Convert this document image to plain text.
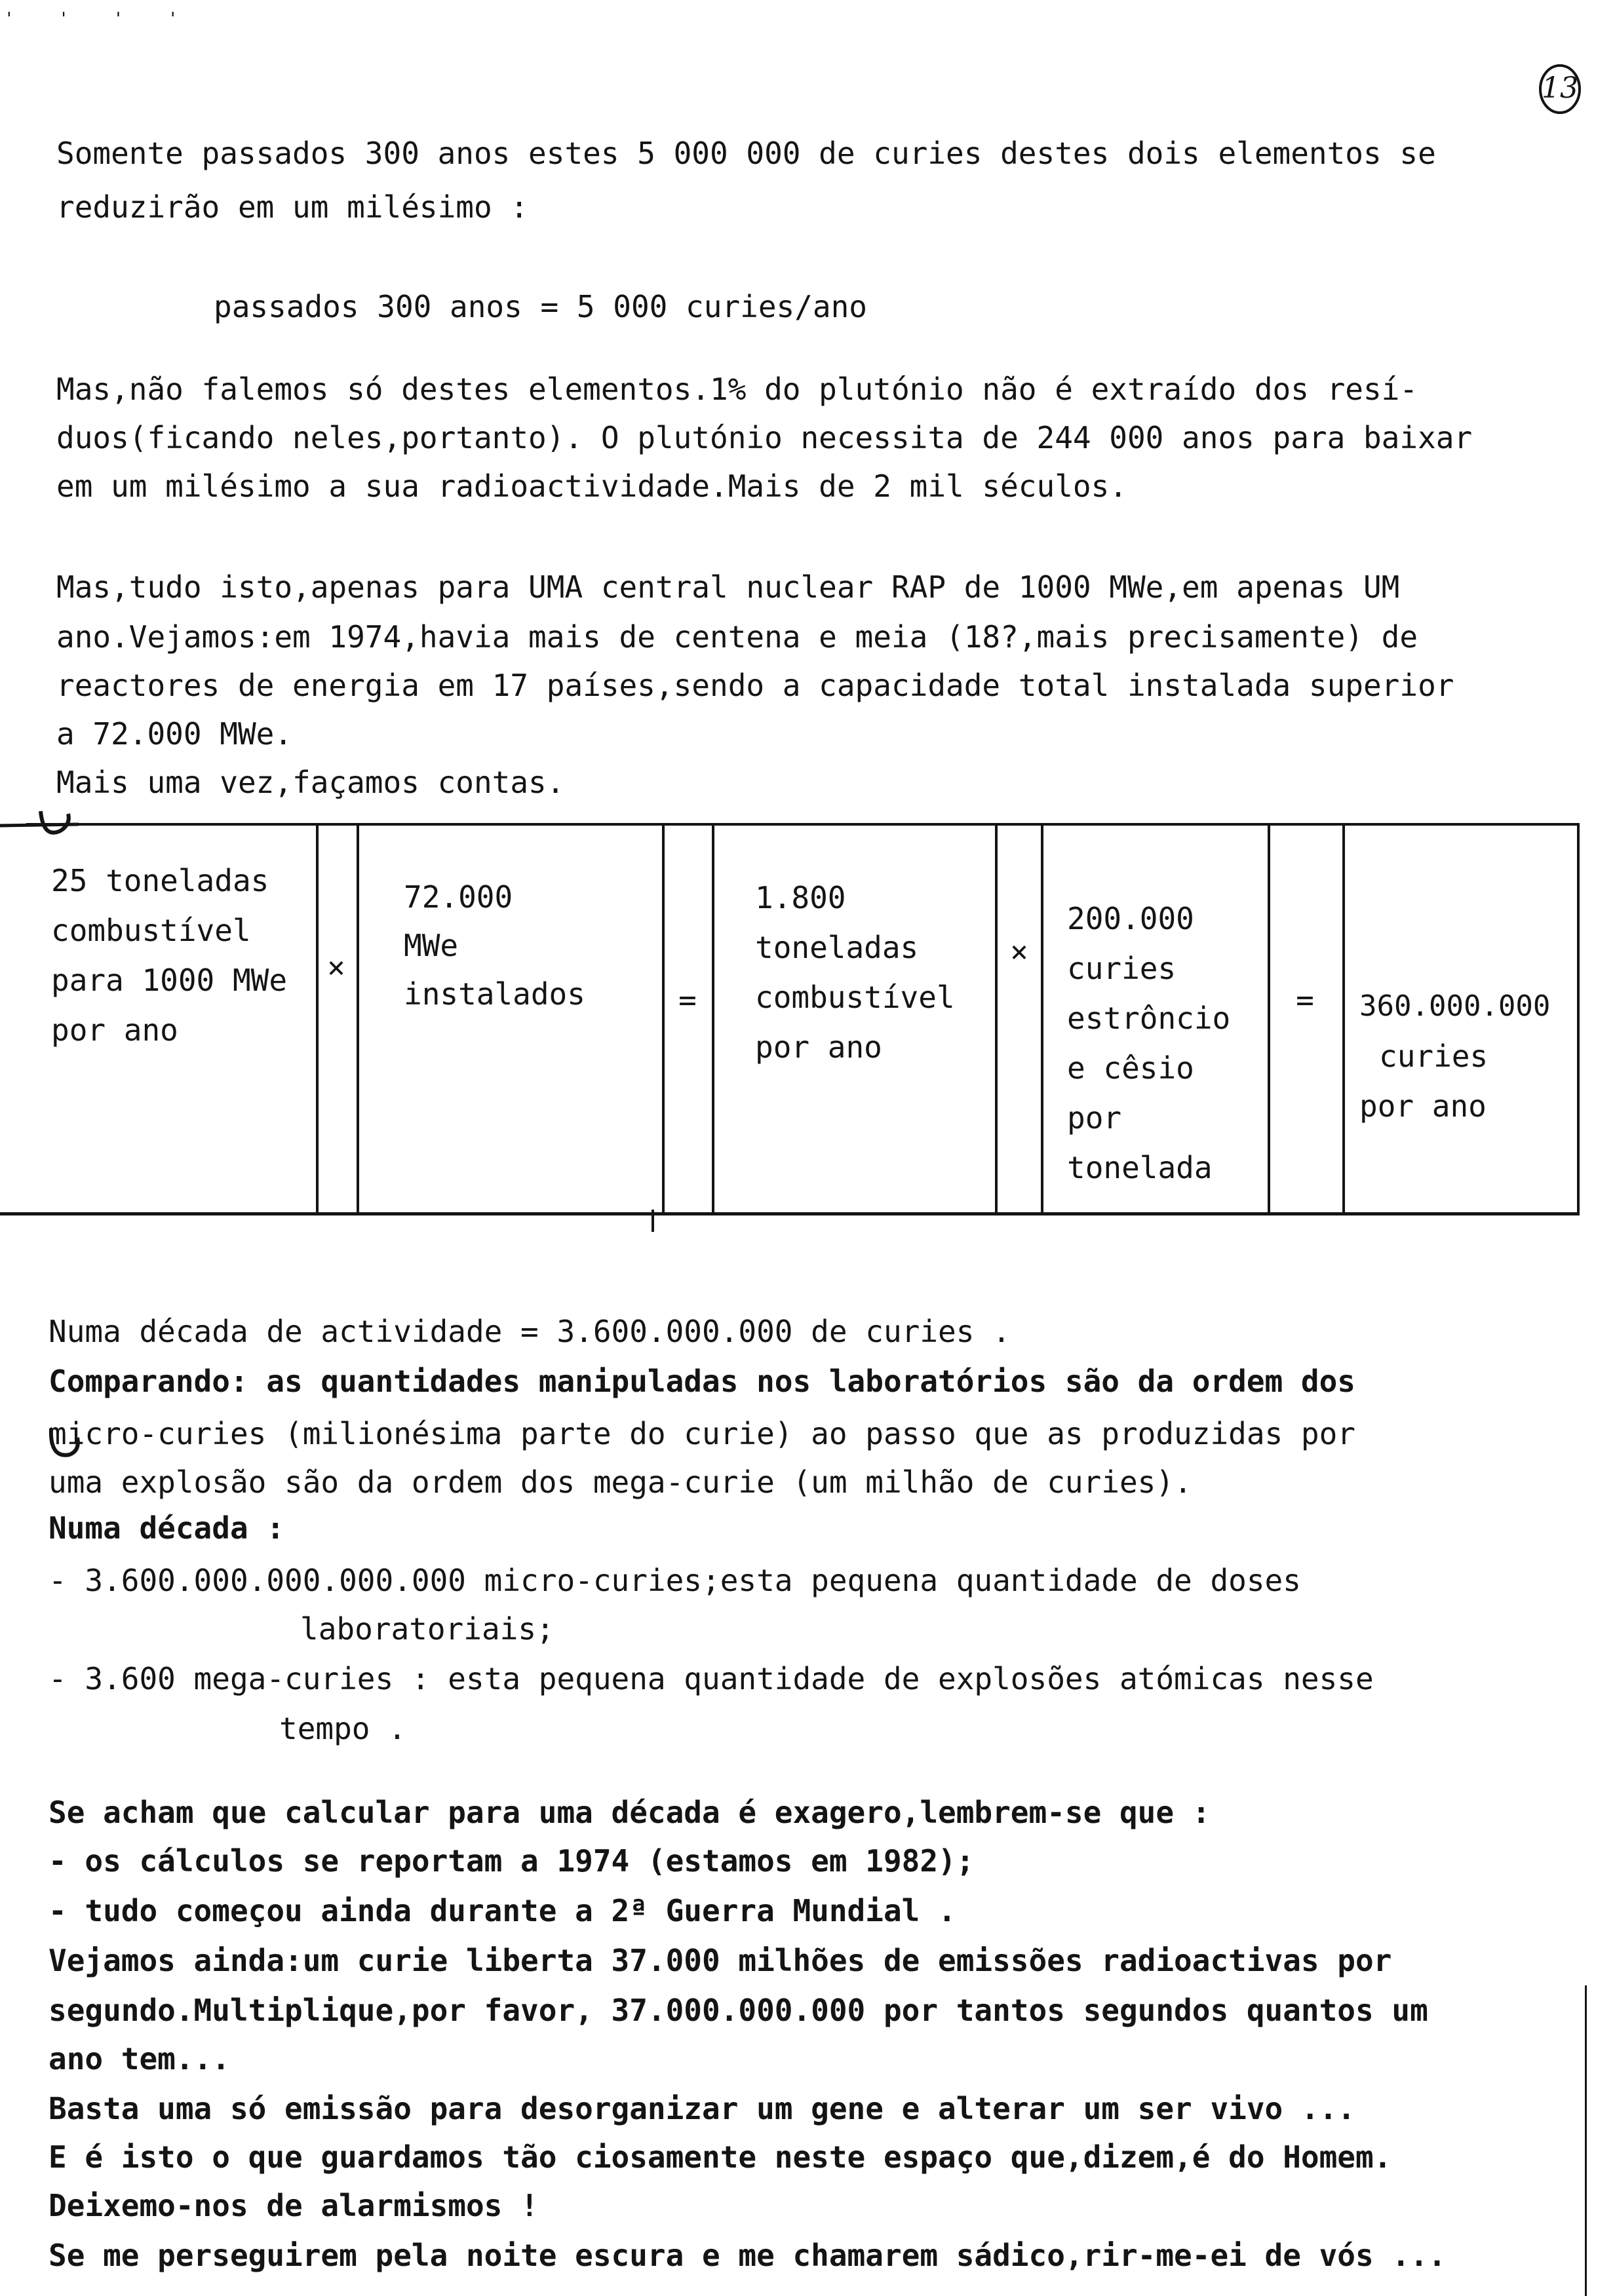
' ' ' '
13

Somente passados 300 anos estes 5 000 000 de curies destes dois elementos se

reduzirão em um milésimo :

passados 300 anos = 5 000 curies/ano

Mas,não falemos só destes elementos.1% do plutónio não é extraído dos resí-

duos(ficando neles,portanto). O plutónio necessita de 244 000 anos para baixar

em um milésimo a sua radioactividade.Mais de 2 mil séculos.

Mas,tudo isto,apenas para UMA central nuclear RAP de 1000 MWe,em apenas UM

ano.Vejamos:em 1974,havia mais de centena e meia (18?,mais precisamente) de

reactores de energia em 17 países,sendo a capacidade total instalada superior

a 72.000 MWe.

Mais uma vez,façamos contas.

25 toneladas
combustível
para 1000 MWe
por ano
×
72.000
MWe
instalados	=
1.800
toneladas
combustível
por ano
×
200.000
curies
estrôncio
e cêsio
por
tonelada
=	360.000.000
curies
por ano

Numa década de actividade = 3.600.000.000 de curies .

Comparando: as quantidades manipuladas nos laboratórios são da ordem dos

micro-curies (milionésima parte do curie) ao passo que as produzidas por

uma explosão são da ordem dos mega-curie (um milhão de curies).

Numa década :

- 3.600.000.000.000.000 micro-curies;esta pequena quantidade de doses

laboratoriais;

- 3.600 mega-curies : esta pequena quantidade de explosões atómicas nesse

tempo .

Se acham que calcular para uma década é exagero,lembrem-se que :

- os cálculos se reportam a 1974 (estamos em 1982);

- tudo começou ainda durante a 2ª Guerra Mundial .

Vejamos ainda:um curie liberta 37.000 milhões de emissões radioactivas por

segundo.Multiplique,por favor, 37.000.000.000 por tantos segundos quantos um

ano tem...

Basta uma só emissão para desorganizar um gene e alterar um ser vivo ...

E é isto o que guardamos tão ciosamente neste espaço que,dizem,é do Homem.

Deixemo-nos de alarmismos !

Se me perseguirem pela noite escura e me chamarem sádico,rir-me-ei de vós ...
